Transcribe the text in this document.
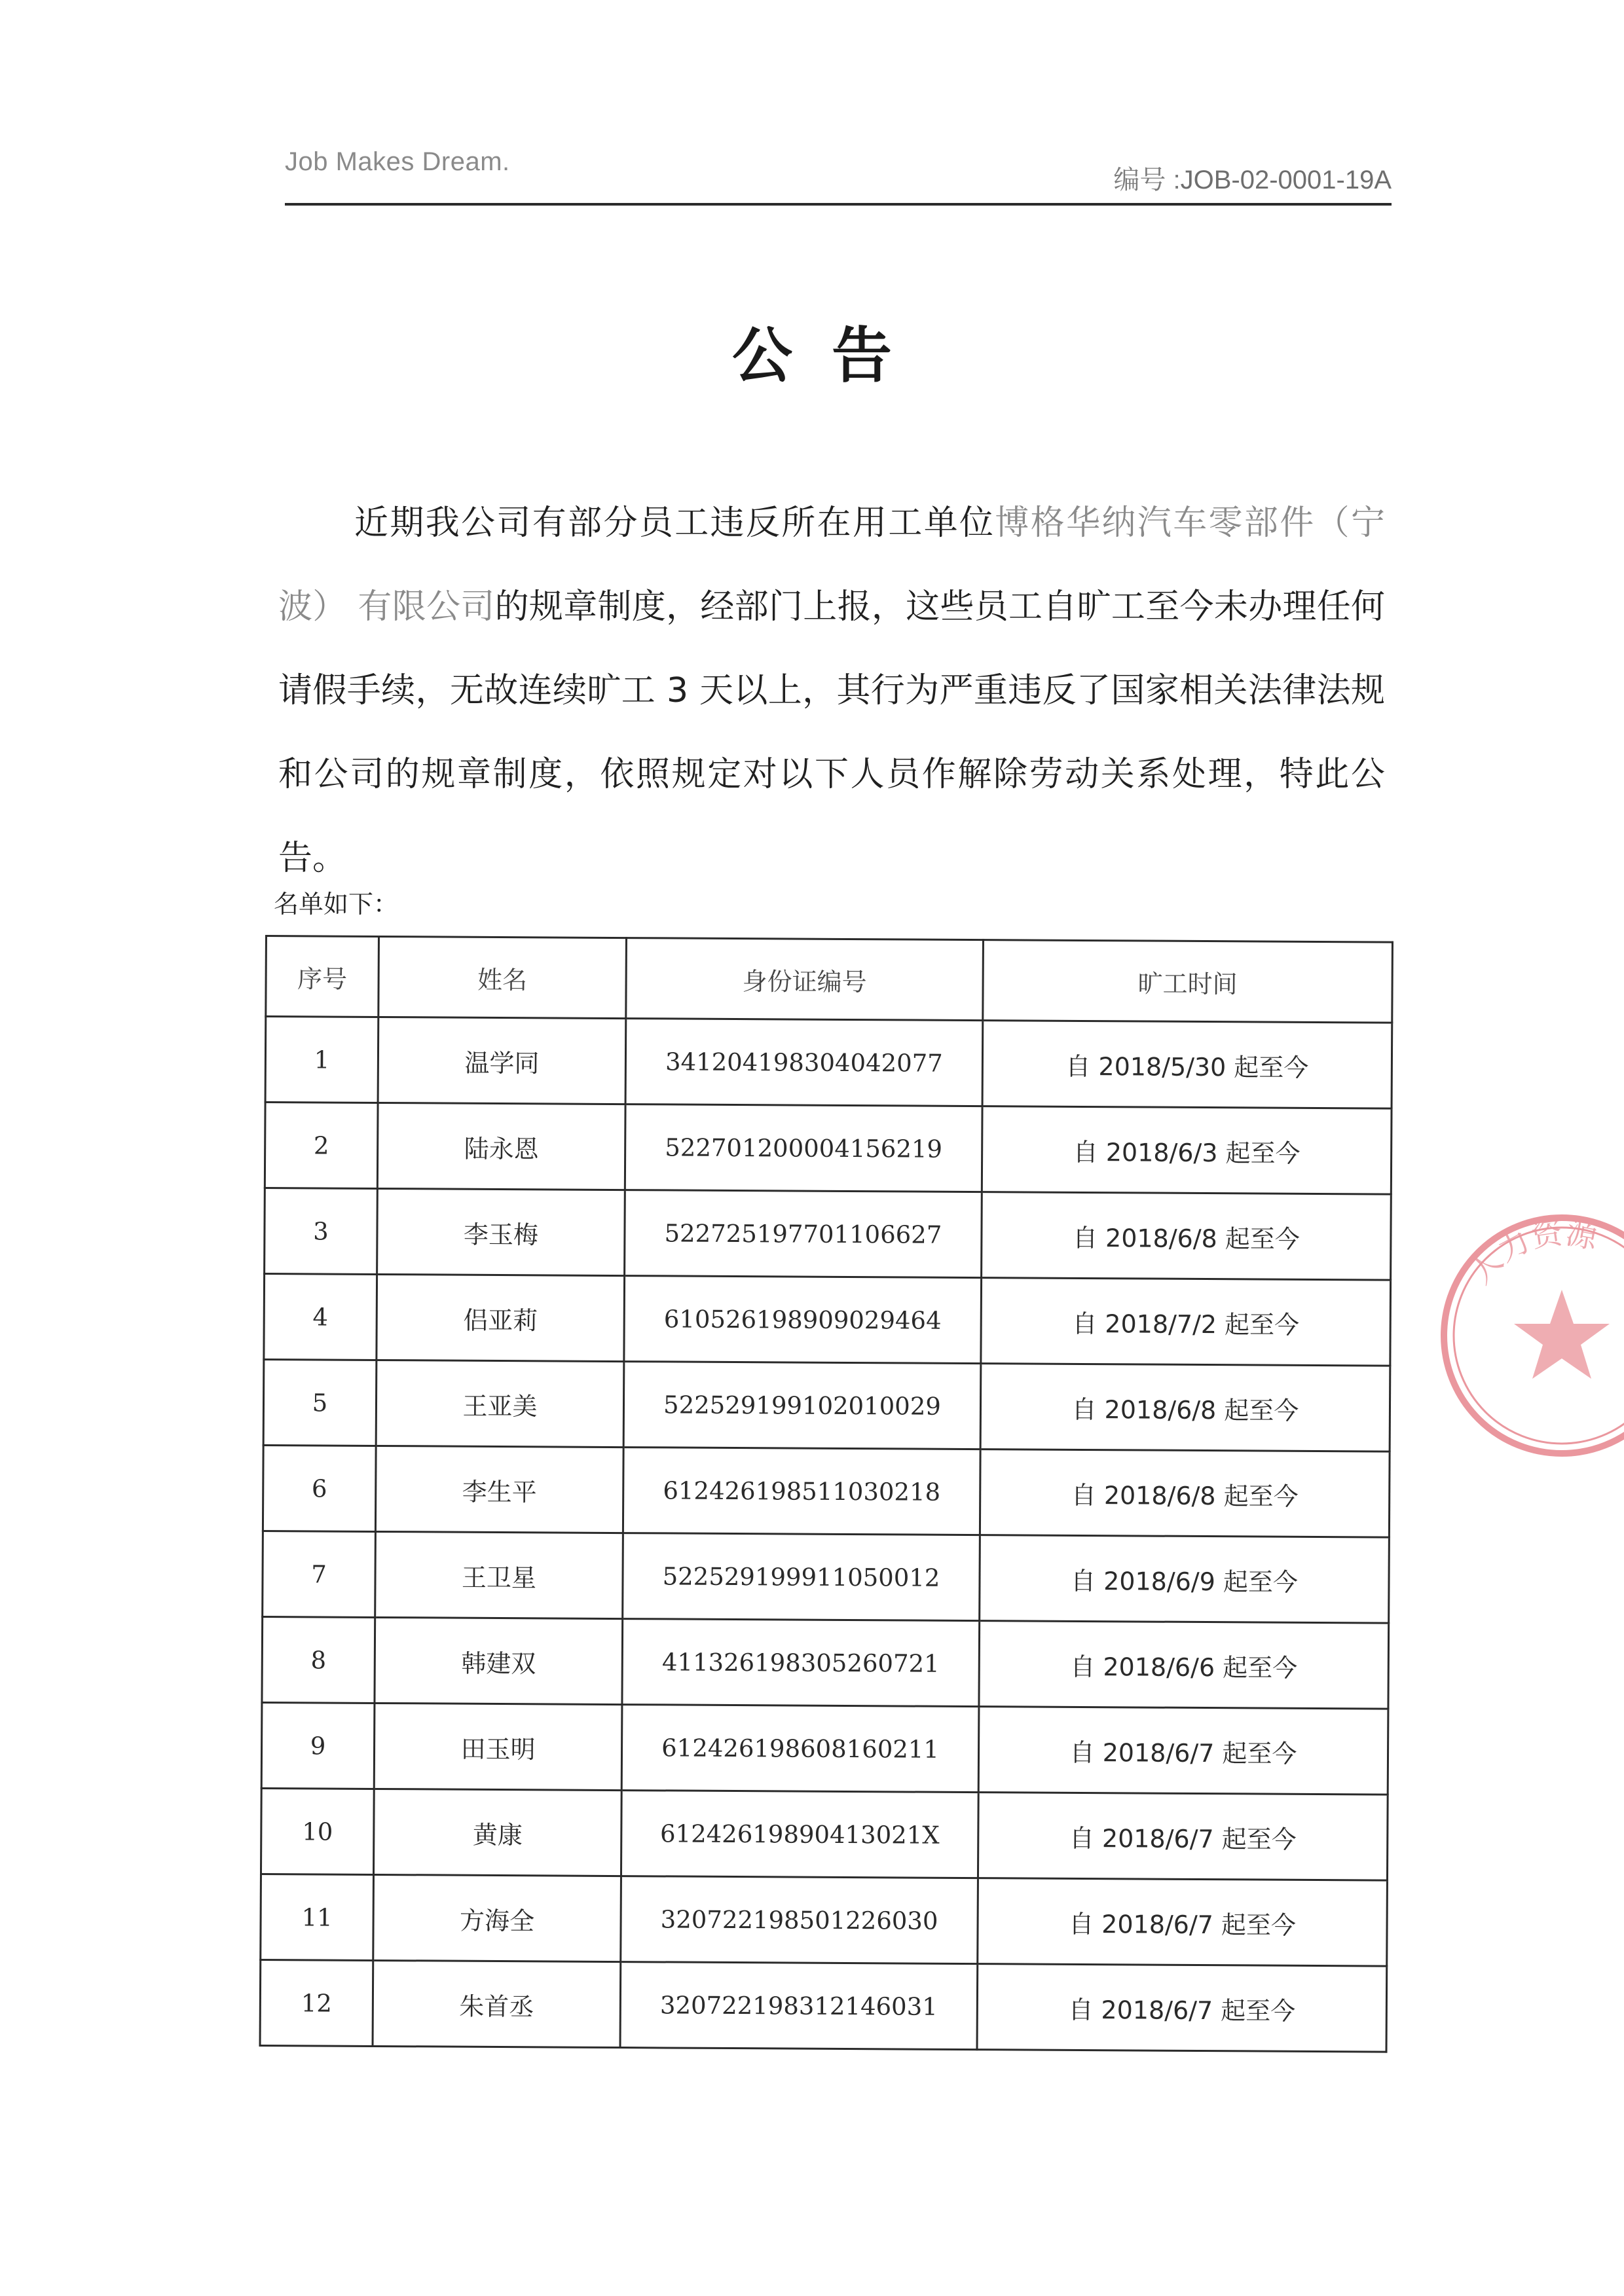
Job Makes Dream.
编号 :JOB-02-0001-19A
公告
近期我公司有部分员工违反所在用工单位博格华纳汽车零部件（宁波） 有限公司的规章制度，经部门上报，这些员工自旷工至今未办理任何请假手续，无故连续旷工 3 天以上，其行为严重违反了国家相关法律法规和公司的规章制度，依照规定对以下人员作解除劳动关系处理，特此公告。
名单如下：
序号	姓名	身份证编号	旷工时间
1	温学同	341204198304042077	自 2018/5/30 起至今
2	陆永恩	522701200004156219	自 2018/6/3 起至今
3	李玉梅	522725197701106627	自 2018/6/8 起至今
4	侣亚莉	610526198909029464	自 2018/7/2 起至今
5	王亚美	522529199102010029	自 2018/6/8 起至今
6	李生平	612426198511030218	自 2018/6/8 起至今
7	王卫星	522529199911050012	自 2018/6/9 起至今
8	韩建双	411326198305260721	自 2018/6/6 起至今
9	田玉明	612426198608160211	自 2018/6/7 起至今
10	黄康	61242619890413021X	自 2018/6/7 起至今
11	方海全	320722198501226030	自 2018/6/7 起至今
12	朱首丞	320722198312146031	自 2018/6/7 起至今
人力资源
